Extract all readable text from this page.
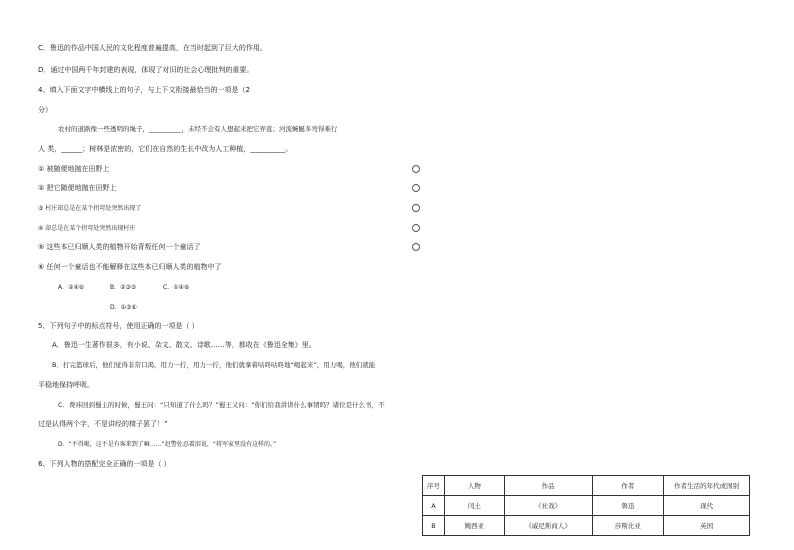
C．鲁迅的作品中国人民的文化程度普遍提高，在当时起到了巨大的作用。
D．通过中国两千年封建的表现，体现了对旧的社会心理批判的重要。
4、填入下面文字中横线上的句子，与上下文衔接最恰当的一项是（2
分）
农村的道路像一些透明的绳子，__________，未经不会有人想起来把它弄直；河流蜿蜒多弯得难行
人 类，______；树林是浓密的，它们在自然的生长中改为人工种植，__________。
① 被随便地抛在田野上
② 把它随便地抛在田野上
③ 村庄却总是在某个拐弯处突然出现了
④ 却总是在某个拐弯处突然出现村庄
⑤ 这些本已归顺人类的植物开始背叛任何一个童话了
⑥ 任何一个童话也不能解释在这些本已归顺人类的植物中了
A．②④⑥	B．②③⑤	C．①④⑥
D．①③⑥
5、下列句子中的标点符号，使用正确的一项是（ ）
A．鲁迅一生著作很多，有小说、杂文、散文、诗歌……等，都收在《鲁迅全集》里。
B．打完篮球后，他们觉得非常口渴，用力一拧，用力一拧，他们就拿着咕咚咕咚地“喝起来”，用力喝，他们就能
平稳地保持呼吸。
C．费祎回到蜀主的时候，蜀王问：“只知道了什么吗？”蜀王又问：“你们给我讲讲什么事情吗？诸位是什么书，不
过是认得两个字，不是讲经的椅子罢了！”
D．“不得啦，这不是有客来到了嘛……”赵警佐忍着泪说，“将军家里没有这样的。”
6、下列人物的搭配完全正确的一项是（ ）
序号	人物	作品	作者	作者生活的年代或国别
A	闰土	《社戏》	鲁迅	现代
B	鲍西亚	《威尼斯商人》	莎斯比亚	英国
